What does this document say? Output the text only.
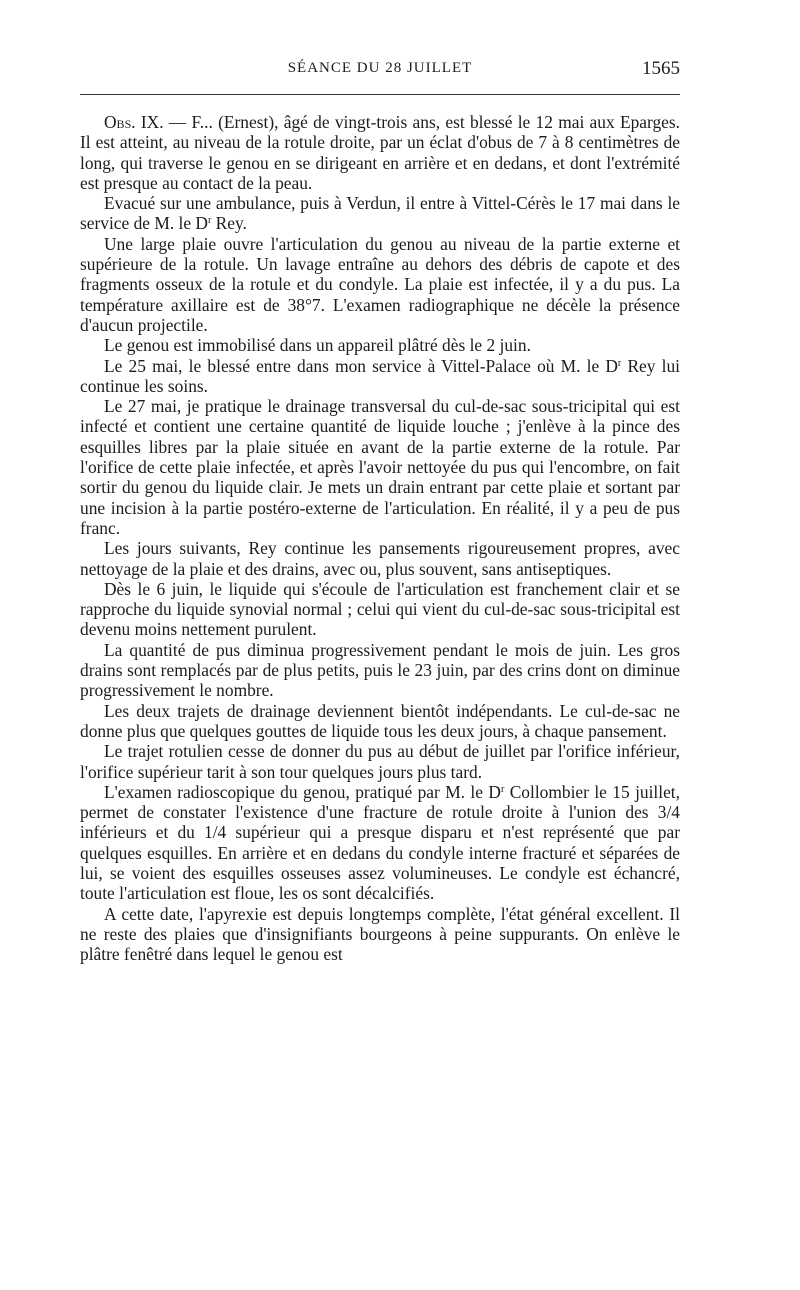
SÉANCE DU 28 JUILLET	1565

Obs. IX. — F... (Ernest), âgé de vingt-trois ans, est blessé le 12 mai aux Eparges. Il est atteint, au niveau de la rotule droite, par un éclat d'obus de 7 à 8 centimètres de long, qui traverse le genou en se dirigeant en arrière et en dedans, et dont l'extrémité est presque au contact de la peau.

Evacué sur une ambulance, puis à Verdun, il entre à Vittel-Cérès le 17 mai dans le service de M. le $D^r$ Rey.

Une large plaie ouvre l'articulation du genou au niveau de la partie externe et supérieure de la rotule. Un lavage entraîne au dehors des débris de capote et des fragments osseux de la rotule et du condyle. La plaie est infectée, il y a du pus. La température axillaire est de 38°7. L'examen radiographique ne décèle la présence d'aucun projectile.

Le genou est immobilisé dans un appareil plâtré dès le 2 juin.

Le 25 mai, le blessé entre dans mon service à Vittel-Palace où M. le $D^r$ Rey lui continue les soins.

Le 27 mai, je pratique le drainage transversal du cul-de-sac sous-tricipital qui est infecté et contient une certaine quantité de liquide louche ; j'enlève à la pince des esquilles libres par la plaie située en avant de la partie externe de la rotule. Par l'orifice de cette plaie infectée, et après l'avoir nettoyée du pus qui l'encombre, on fait sortir du genou du liquide clair. Je mets un drain entrant par cette plaie et sortant par une incision à la partie postéro-externe de l'articulation. En réalité, il y a peu de pus franc.

Les jours suivants, Rey continue les pansements rigoureusement propres, avec nettoyage de la plaie et des drains, avec ou, plus souvent, sans antiseptiques.

Dès le 6 juin, le liquide qui s'écoule de l'articulation est franchement clair et se rapproche du liquide synovial normal ; celui qui vient du cul-de-sac sous-tricipital est devenu moins nettement purulent.

La quantité de pus diminua progressivement pendant le mois de juin. Les gros drains sont remplacés par de plus petits, puis le 23 juin, par des crins dont on diminue progressivement le nombre.

Les deux trajets de drainage deviennent bientôt indépendants. Le cul-de-sac ne donne plus que quelques gouttes de liquide tous les deux jours, à chaque pansement.

Le trajet rotulien cesse de donner du pus au début de juillet par l'orifice inférieur, l'orifice supérieur tarit à son tour quelques jours plus tard.

L'examen radioscopique du genou, pratiqué par M. le $D^r$ Collombier le 15 juillet, permet de constater l'existence d'une fracture de rotule droite à l'union des 3/4 inférieurs et du 1/4 supérieur qui a presque disparu et n'est représenté que par quelques esquilles. En arrière et en dedans du condyle interne fracturé et séparées de lui, se voient des esquilles osseuses assez volumineuses. Le condyle est échancré, toute l'articulation est floue, les os sont décalcifiés.

A cette date, l'apyrexie est depuis longtemps complète, l'état général excellent. Il ne reste des plaies que d'insignifiants bourgeons à peine suppurants. On enlève le plâtre fenêtré dans lequel le genou est
